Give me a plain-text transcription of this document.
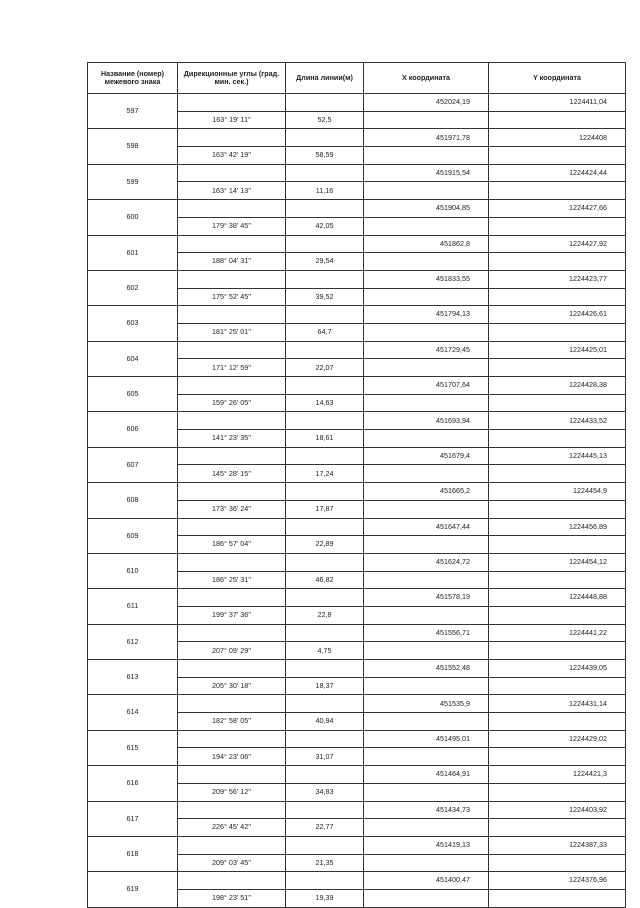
Название (номер) межевого знака	Дирекционные углы (град. мин. сек.)	Длина линии(м)	X координата	Y координата
597			452024,19	1224411,04
	163° 19' 11''	52,5		
598			451971,78	1224408
	163° 42' 19''	58,59		
599			451915,54	1224424,44
	163° 14' 13''	11,16		
600			451904,85	1224427,66
	179° 38' 45''	42,05		
601			451862,8	1224427,92
	188° 04' 31''	29,54		
602			451833,55	1224423,77
	175° 52' 45''	39,52		
603			451794,13	1224426,61
	181° 25' 01''	64,7		
604			451729,45	1224425,01
	171° 12' 59''	22,07		
605			451707,64	1224428,38
	159° 26' 05''	14,63		
606			451693,94	1224433,52
	141° 23' 35''	18,61		
607			451679,4	1224445,13
	145° 28' 15''	17,24		
608			451665,2	1224454,9
	173° 36' 24''	17,87		
609			451647,44	1224456,89
	186° 57' 04''	22,89		
610			451624,72	1224454,12
	186° 25' 31''	46,82		
611			451578,19	1224448,88
	199° 37' 36''	22,8		
612			451556,71	1224441,22
	207° 09' 29''	4,75		
613			451552,48	1224439,05
	205° 30' 18''	18,37		
614			451535,9	1224431,14
	182° 58' 05''	40,94		
615			451495,01	1224429,02
	194° 23' 06''	31,07		
616			451464,91	1224421,3
	209° 56' 12''	34,83		
617			451434,73	1224403,92
	226° 45' 42''	22,77		
618			451419,13	1224387,33
	209° 03' 45''	21,35		
619			451400,47	1224376,96
	198° 23' 51''	19,39		
